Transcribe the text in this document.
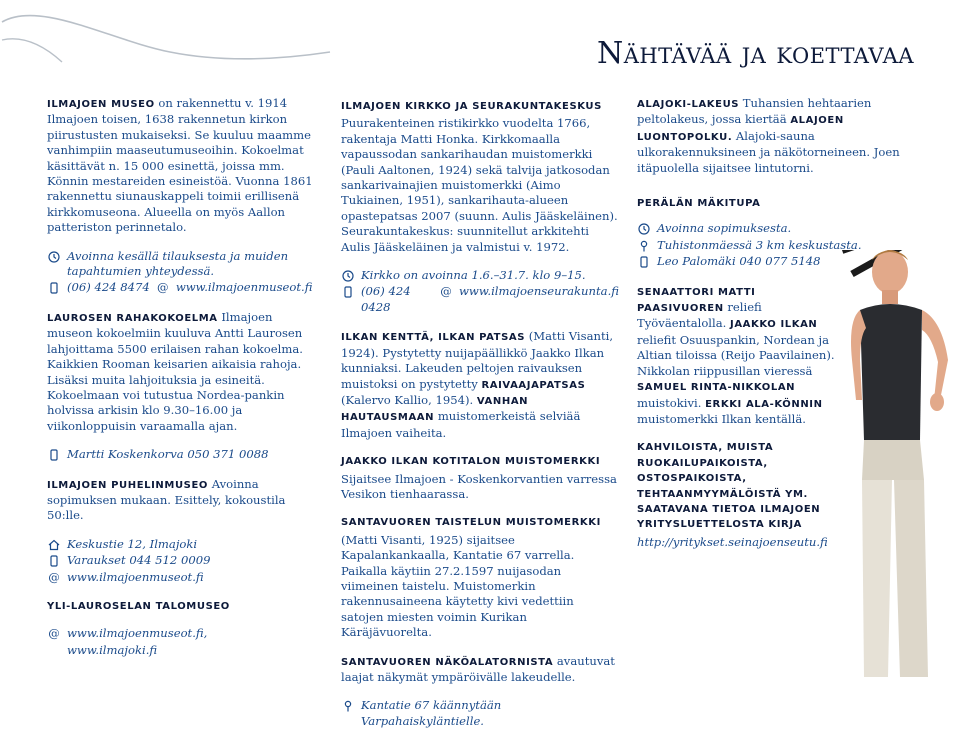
Nähtävää ja koettavaa

ILMAJOEN MUSEO on rakennettu v. 1914 Ilmajoen toisen, 1638 rakennetun kirkon piirustusten mukaiseksi. Se kuuluu maamme vanhimpiin maaseutumuseoihin. Kokoelmat käsittävät n. 15 000 esinettä, joissa mm. Könnin mestareiden esineistöä. Vuonna 1861 rakennettu siunauskappeli toimii erillisenä kirkkomuseona. Alueella on myös Aallon patteriston perinnetalo.

Avoinna kesällä tilauksesta ja muiden tapahtumien yhteydessä.
(06) 424 8474 @ www.ilmajoenmuseot.fi

LAUROSEN RAHAKOKOELMA Ilmajoen museon kokoelmiin kuuluva Antti Laurosen lahjoittama 5500 erilaisen rahan kokoelma. Kaikkien Rooman keisarien aikaisia rahoja. Lisäksi muita lahjoituksia ja esineitä. Kokoelmaan voi tutustua Nordea-pankin holvissa arkisin klo 9.30–16.00 ja viikonloppuisin varaamalla ajan.

Martti Koskenkorva 050 371 0088

ILMAJOEN PUHELINMUSEO Avoinna sopimuksen mukaan. Esittely, kokoustila 50:lle.

Keskustie 12, Ilmajoki
Varaukset 044 512 0009
@ www.ilmajoenmuseot.fi
YLI-LAUROSELAN TALOMUSEO
@ www.ilmajoenmuseot.fi,
www.ilmajoki.fi
ILMAJOEN KIRKKO JA SEURAKUNTAKESKUS

Puurakenteinen ristikirkko vuodelta 1766, rakentaja Matti Honka. Kirkkomaalla vapaussodan sankarihaudan muistomerkki (Pauli Aaltonen, 1924) sekä talvija jatkosodan sankarivainajien muistomerkki (Aimo Tukiainen, 1951), sankarihauta-alueen opastepatsas 2007 (suunn. Aulis Jääskeläinen). Seurakuntakeskus: suunnitellut arkkitehti Aulis Jääskeläinen ja valmistui v. 1972.

Kirkko on avoinna 1.6.–31.7. klo 9–15.
(06) 424 0428
@ www.ilmajoenseurakunta.fi

ILKAN KENTTÄ, ILKAN PATSAS (Matti Visanti, 1924). Pystytetty nuijapäällikkö Jaakko Ilkan kunniaksi. Lakeuden peltojen raivauksen muistoksi on pystytetty RAIVAAJAPATSAS (Kalervo Kallio, 1954). VANHAN HAUTAUSMAAN muistomerkeistä selviää Ilmajoen vaiheita.

JAAKKO ILKAN KOTITALON MUISTOMERKKI

Sijaitsee Ilmajoen - Koskenkorvantien varressa Vesikon tienhaarassa.

SANTAVUOREN TAISTELUN MUISTOMERKKI

(Matti Visanti, 1925) sijaitsee Kapalankankaalla, Kantatie 67 varrella. Paikalla käytiin 27.2.1597 nuijasodan viimeinen taistelu. Muistomerkin rakennusaineena käytetty kivi vedettiin satojen miesten voimin Kurikan Käräjävuorelta.

SANTAVUOREN NÄKÖALATORNISTA avautuvat laajat näkymät ympäröivälle lakeudelle.

Kantatie 67 käännytään Varpahaiskyläntielle.

ALAJOKI-LAKEUS Tuhansien hehtaarien peltolakeus, jossa kiertää ALAJOEN LUONTOPOLKU. Alajoki-sauna ulkorakennuksineen ja näkötorneineen. Joen itäpuolella sijaitsee lintutorni.

PERÄLÄN MÄKITUPA
Avoinna sopimuksesta.
Tuhistonmäessä 3 km keskustasta.
Leo Palomäki 040 077 5148

SENAATTORI MATTI PAASIVUOREN reliefi Työväentalolla. JAAKKO ILKAN reliefit Osuuspankin, Nordean ja Altian tiloissa (Reijo Paavilainen). Nikkolan riippusillan vieressä SAMUEL RINTA-NIKKOLAN muistokivi. ERKKI ALA-KÖNNIN muistomerkki Ilkan kentällä.

KAHVILOISTA, MUISTA RUOKAILUPAIKOISTA, OSTOSPAIKOISTA, TEHTAANMYYMÄLÖISTÄ YM. SAATAVANA TIETOA ILMAJOEN YRITYSLUETTELOSTA KIRJA
http://yritykset.seinajoenseutu.fi
